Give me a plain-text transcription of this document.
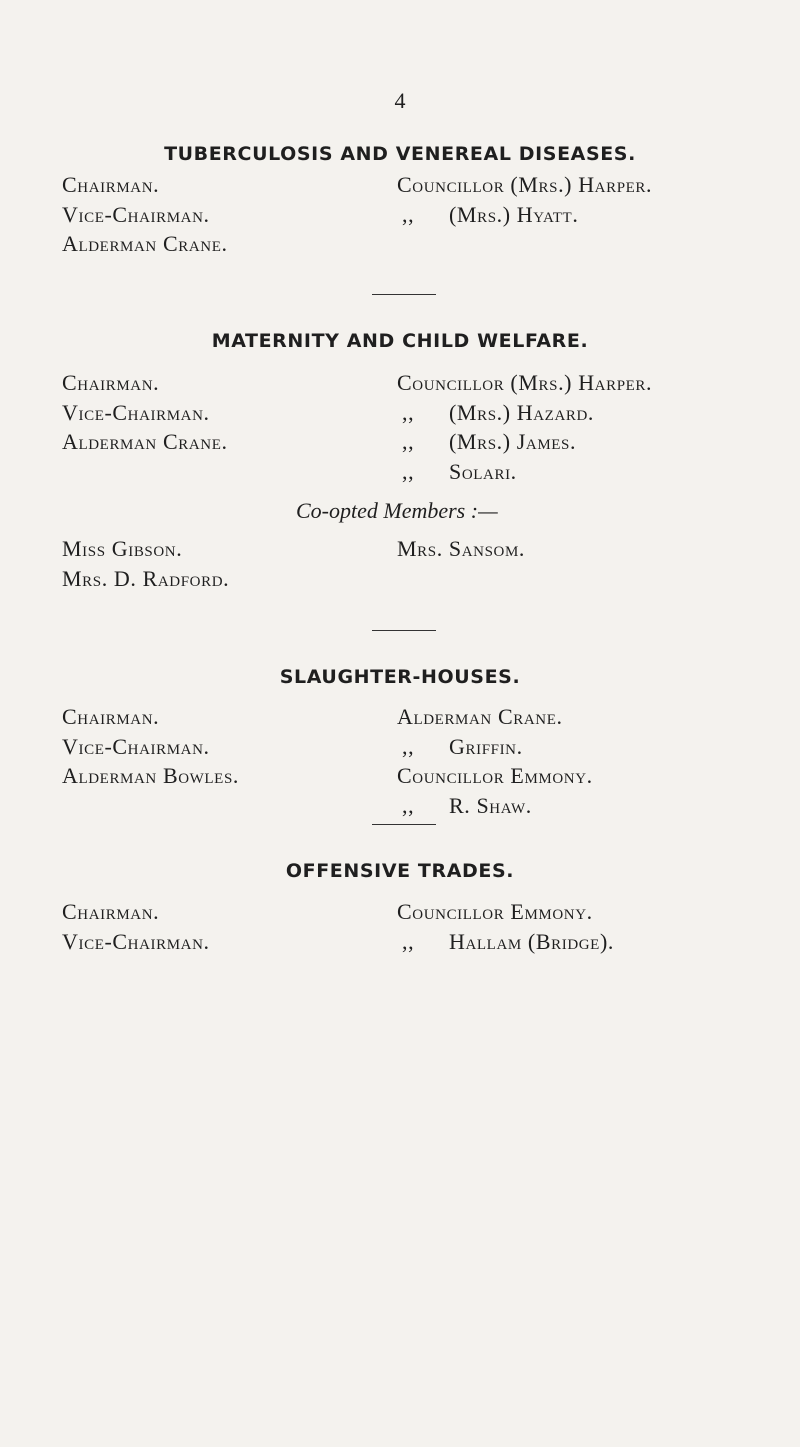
4
TUBERCULOSIS AND VENEREAL DISEASES.
Chairman.
Vice-Chairman.
Alderman Crane.
Councillor (Mrs.) Harper.
,, (Mrs.) Hyatt.
MATERNITY AND CHILD WELFARE.
Chairman.
Vice-Chairman.
Alderman Crane.
Councillor (Mrs.) Harper.
,, (Mrs.) Hazard.
,, (Mrs.) James.
,, Solari.
Co-opted Members :—
Miss Gibson.
Mrs. D. Radford.
Mrs. Sansom.
SLAUGHTER-HOUSES.
Chairman.
Vice-Chairman.
Alderman Bowles.
Alderman Crane.
,, Griffin.
Councillor Emmony.
,, R. Shaw.
OFFENSIVE TRADES.
Chairman.
Vice-Chairman.
Councillor Emmony.
,, Hallam (Bridge).
